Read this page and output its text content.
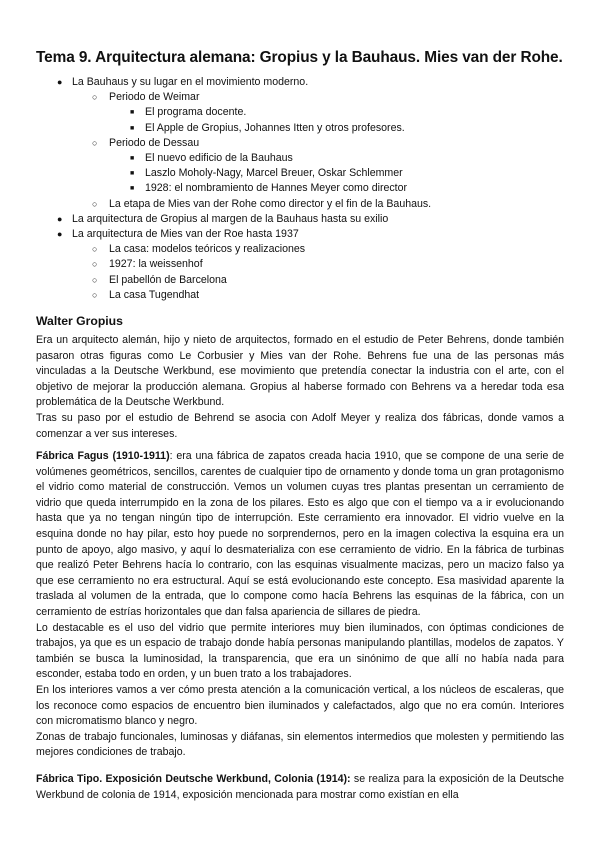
Tema 9. Arquitectura alemana: Gropius y la Bauhaus. Mies van der Rohe.
● La Bauhaus y su lugar en el movimiento moderno.
○ Periodo de Weimar
■ El programa docente.
■ El Apple de Gropius, Johannes Itten y otros profesores.
○ Periodo de Dessau
■ El nuevo edificio de la Bauhaus
■ Laszlo Moholy-Nagy, Marcel Breuer, Oskar Schlemmer
■ 1928: el nombramiento de Hannes Meyer como director
○ La etapa de Mies van der Rohe como director y el fin de la Bauhaus.
● La arquitectura de Gropius al margen de la Bauhaus hasta su exilio
● La arquitectura de Mies van der Roe hasta 1937
○ La casa: modelos teóricos y realizaciones
○ 1927: la weissenhof
○ El pabellón de Barcelona
○ La casa Tugendhat
Walter Gropius

Era un arquitecto alemán, hijo y nieto de arquitectos, formado en el estudio de Peter Behrens, donde también pasaron otras figuras como Le Corbusier y Mies van der Rohe. Behrens fue una de las personas más vinculadas a la Deutsche Werkbund, ese movimiento que pretendía conectar la industria con el arte, con el objetivo de mejorar la producción alemana. Gropius al haberse formado con Behrens va a heredar toda esa problemática de la Deutsche Werkbund.

Tras su paso por el estudio de Behrend se asocia con Adolf Meyer y realiza dos fábricas, donde vamos a comenzar a ver sus intereses.

Fábrica Fagus (1910-1911): era una fábrica de zapatos creada hacia 1910, que se compone de una serie de volúmenes geométricos, sencillos, carentes de cualquier tipo de ornamento y donde toma un gran protagonismo el vidrio como material de construcción. Vemos un volumen cuyas tres plantas presentan un cerramiento de vidrio que queda interrumpido en la zona de los pilares. Esto es algo que con el tiempo va a ir evolucionando hasta que ya no tengan ningún tipo de interrupción. Este cerramiento era innovador. El vidrio vuelve en la esquina donde no hay pilar, esto hoy puede no sorprendernos, pero en la imagen colectiva la esquina era un punto de apoyo, algo masivo, y aquí lo desmaterializa con ese cerramiento de vidrio. En la fábrica de turbinas que realizó Peter Behrens hacía lo contrario, con las esquinas visualmente macizas, pero un macizo falso ya que ese cerramiento no era estructural. Aquí se está evolucionando este concepto. Esa masividad aparente la traslada al volumen de la entrada, que lo compone como hacía Behrens las esquinas de la fábrica, con un cerramiento de estrías horizontales que dan falsa apariencia de sillares de piedra.

Lo destacable es el uso del vidrio que permite interiores muy bien iluminados, con óptimas condiciones de trabajos, ya que es un espacio de trabajo donde había personas manipulando plantillas, modelos de zapatos. Y también se busca la luminosidad, la transparencia, que era un sinónimo de que allí no había nada para esconder, estaba todo en orden, y un buen trato a los trabajadores.

En los interiores vamos a ver cómo presta atención a la comunicación vertical, a los núcleos de escaleras, que los reconoce como espacios de encuentro bien iluminados y calefactados, algo que no era común. Interiores con micromatismo blanco y negro.

Zonas de trabajo funcionales, luminosas y diáfanas, sin elementos intermedios que molesten y permitiendo las mejores condiciones de trabajo.

Fábrica Tipo. Exposición Deutsche Werkbund, Colonia (1914): se realiza para la exposición de la Deutsche Werkbund de colonia de 1914, exposición mencionada para mostrar como existían en ella
